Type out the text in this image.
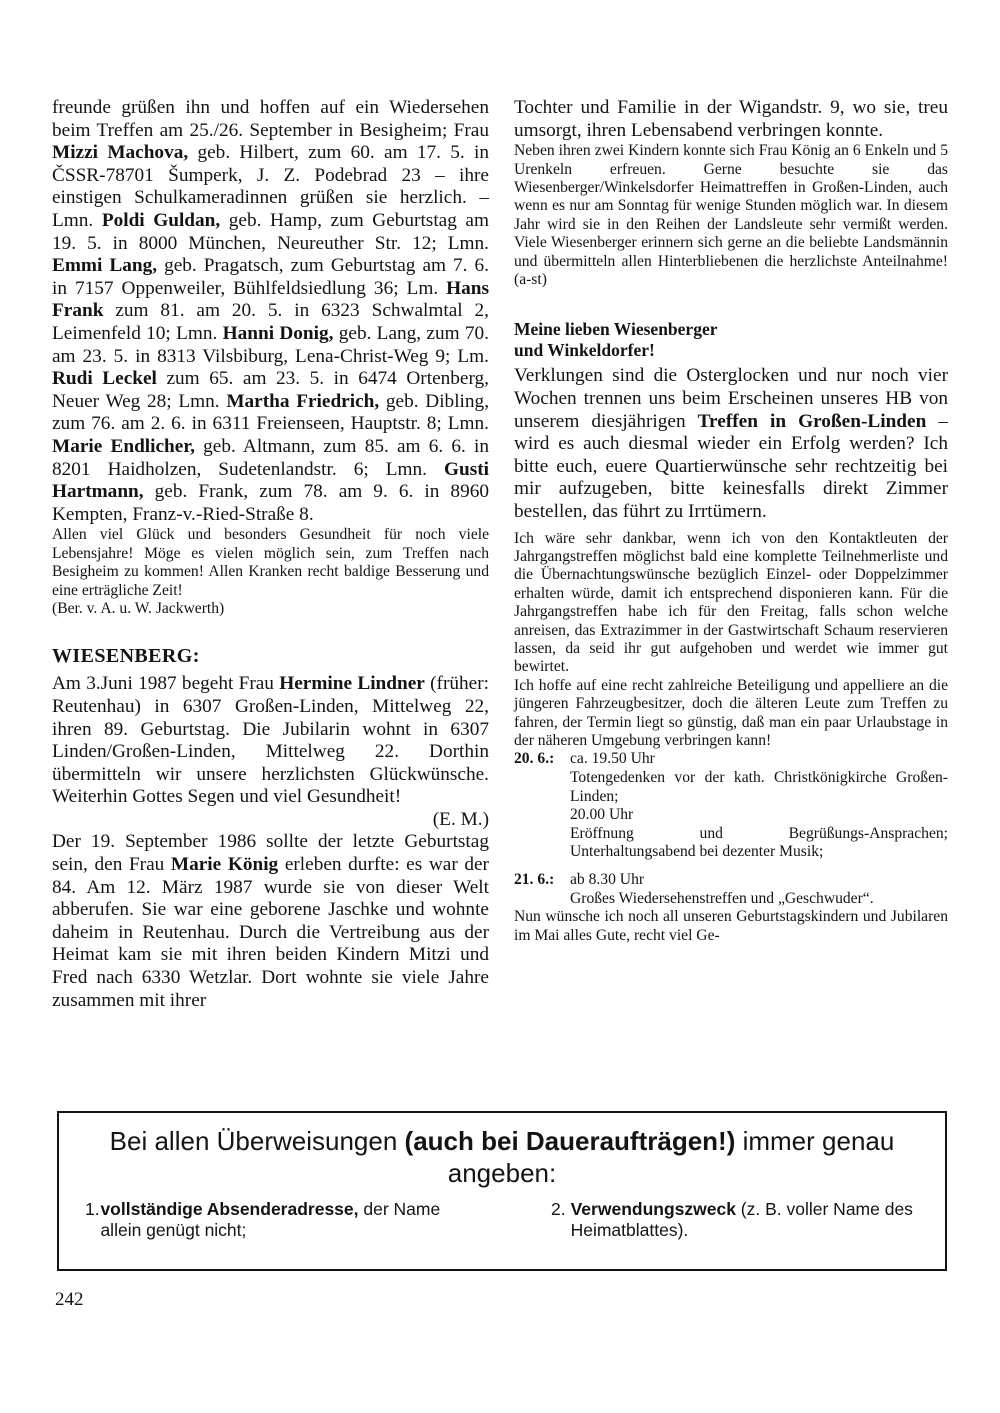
freunde grüßen ihn und hoffen auf ein Wiedersehen beim Treffen am 25./26. September in Besigheim; Frau Mizzi Machova, geb. Hilbert, zum 60. am 17. 5. in ČSSR-78701 Šumperk, J. Z. Podebrad 23 – ihre einstigen Schulkameradinnen grüßen sie herzlich. – Lmn. Poldi Guldan, geb. Hamp, zum Geburtstag am 19. 5. in 8000 München, Neureuther Str. 12; Lmn. Emmi Lang, geb. Pragatsch, zum Geburtstag am 7. 6. in 7157 Oppenweiler, Bühlfeldsiedlung 36; Lm. Hans Frank zum 81. am 20. 5. in 6323 Schwalmtal 2, Leimenfeld 10; Lmn. Hanni Donig, geb. Lang, zum 70. am 23. 5. in 8313 Vilsbiburg, Lena-Christ-Weg 9; Lm. Rudi Leckel zum 65. am 23. 5. in 6474 Ortenberg, Neuer Weg 28; Lmn. Martha Friedrich, geb. Dibling, zum 76. am 2. 6. in 6311 Freienseen, Hauptstr. 8; Lmn. Marie Endlicher, geb. Altmann, zum 85. am 6. 6. in 8201 Haidholzen, Sudetenlandstr. 6; Lmn. Gusti Hartmann, geb. Frank, zum 78. am 9. 6. in 8960 Kempten, Franz-v.-Ried-Straße 8.

Allen viel Glück und besonders Gesundheit für noch viele Lebensjahre! Möge es vielen möglich sein, zum Treffen nach Besigheim zu kommen! Allen Kranken recht baldige Besserung und eine erträgliche Zeit!

(Ber. v. A. u. W. Jackwerth)

WIESENBERG:

Am 3.Juni 1987 begeht Frau Hermine Lindner (früher: Reutenhau) in 6307 Großen-Linden, Mittelweg 22, ihren 89. Geburtstag. Die Jubilarin wohnt in 6307 Linden/Großen-Linden, Mittelweg 22. Dorthin übermitteln wir unsere herzlichsten Glückwünsche. Weiterhin Gottes Segen und viel Gesundheit!

(E. M.)

Der 19. September 1986 sollte der letzte Geburtstag sein, den Frau Marie König erleben durfte: es war der 84. Am 12. März 1987 wurde sie von dieser Welt abberufen. Sie war eine geborene Jaschke und wohnte daheim in Reutenhau. Durch die Vertreibung aus der Heimat kam sie mit ihren beiden Kindern Mitzi und Fred nach 6330 Wetzlar. Dort wohnte sie viele Jahre zusammen mit ihrer

Tochter und Familie in der Wigandstr. 9, wo sie, treu umsorgt, ihren Lebensabend verbringen konnte.

Neben ihren zwei Kindern konnte sich Frau König an 6 Enkeln und 5 Urenkeln erfreuen. Gerne besuchte sie das Wiesenberger/Winkelsdorfer Heimattreffen in Großen-Linden, auch wenn es nur am Sonntag für wenige Stunden möglich war. In diesem Jahr wird sie in den Reihen der Landsleute sehr vermißt werden. Viele Wiesenberger erinnern sich gerne an die beliebte Landsmännin und übermitteln allen Hinterbliebenen die herzlichste Anteilnahme! (a-st)

Meine lieben Wiesenberger
und Winkeldorfer!

Verklungen sind die Osterglocken und nur noch vier Wochen trennen uns beim Erscheinen unseres HB von unserem diesjährigen Treffen in Großen-Linden – wird es auch diesmal wieder ein Erfolg werden? Ich bitte euch, euere Quartierwünsche sehr rechtzeitig bei mir aufzugeben, bitte keinesfalls direkt Zimmer bestellen, das führt zu Irrtümern.

Ich wäre sehr dankbar, wenn ich von den Kontaktleuten der Jahrgangstreffen möglichst bald eine komplette Teilnehmerliste und die Übernachtungswünsche bezüglich Einzel- oder Doppelzimmer erhalten würde, damit ich entsprechend disponieren kann. Für die Jahrgangstreffen habe ich für den Freitag, falls schon welche anreisen, das Extrazimmer in der Gastwirtschaft Schaum reservieren lassen, da seid ihr gut aufgehoben und werdet wie immer gut bewirtet.

Ich hoffe auf eine recht zahlreiche Beteiligung und appelliere an die jüngeren Fahrzeugbesitzer, doch die älteren Leute zum Treffen zu fahren, der Termin liegt so günstig, daß man ein paar Urlaubstage in der näheren Umgebung verbringen kann!

20. 6.:	ca. 19.50 Uhr

Totengedenken vor der kath. Christkönigkirche Großen-Linden;

20.00 Uhr

Eröffnung und Begrüßungs-Ansprachen; Unterhaltungsabend bei dezenter Musik;

21. 6.:	ab 8.30 Uhr

Großes Wiedersehenstreffen und „Geschwuder“.

Nun wünsche ich noch all unseren Geburtstagskindern und Jubilaren im Mai alles Gute, recht viel Ge-

Bei allen Überweisungen (auch bei Daueraufträgen!) immer genau angeben:
1. vollständige Absenderadresse, der Name allein genügt nicht;
2. Verwendungszweck (z. B. voller Name des Heimatblattes).
242
